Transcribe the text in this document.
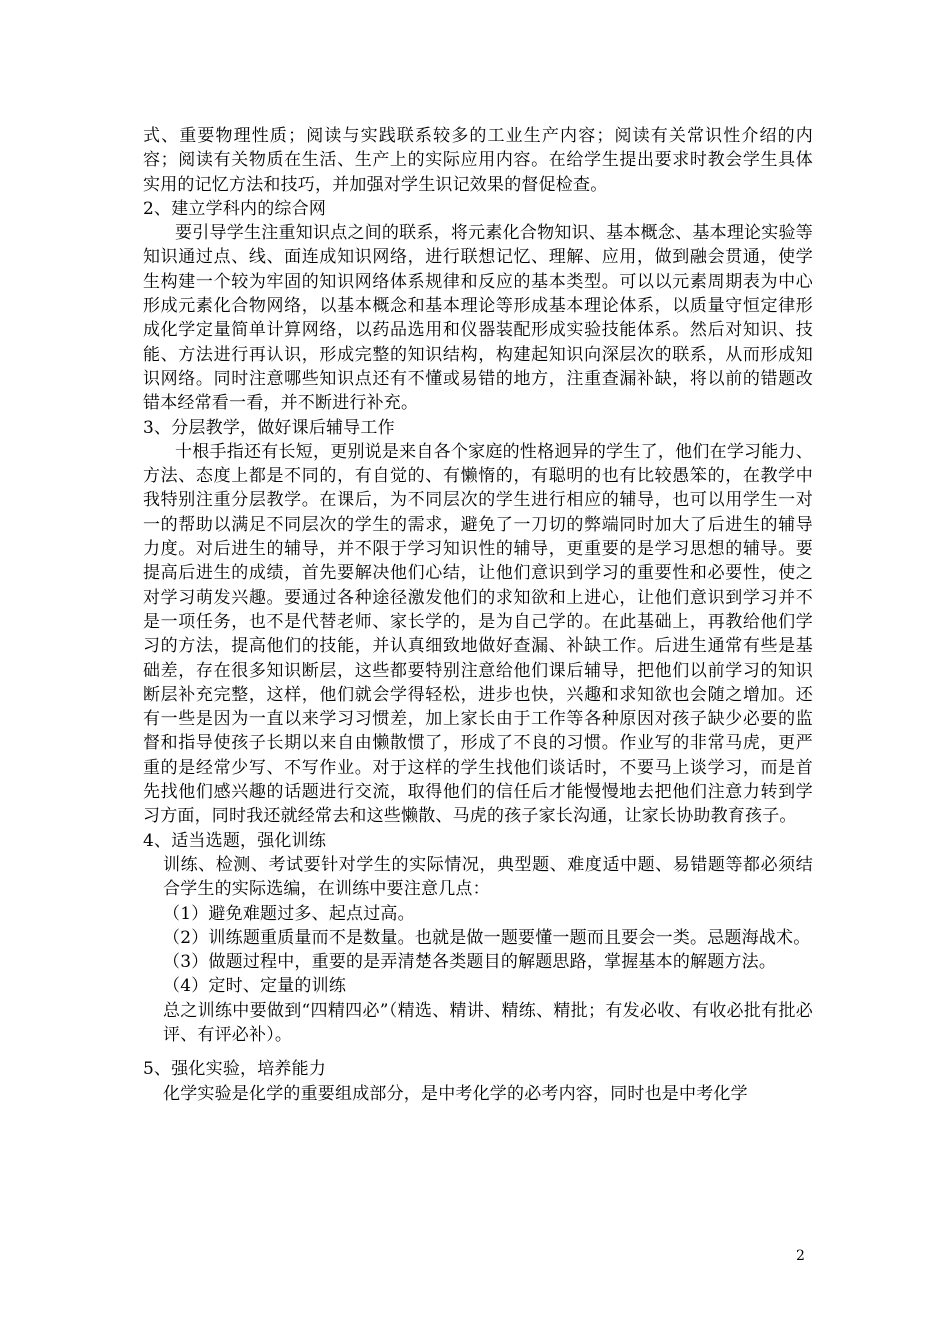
式、重要物理性质；阅读与实践联系较多的工业生产内容；阅读有关常识性介绍的内容；阅读有关物质在生活、生产上的实际应用内容。在给学生提出要求时教会学生具体实用的记忆方法和技巧，并加强对学生识记效果的督促检查。

2、建立学科内的综合网

要引导学生注重知识点之间的联系，将元素化合物知识、基本概念、基本理论实验等知识通过点、线、面连成知识网络，进行联想记忆、理解、应用，做到融会贯通，使学生构建一个较为牢固的知识网络体系规律和反应的基本类型。可以以元素周期表为中心形成元素化合物网络，以基本概念和基本理论等形成基本理论体系，以质量守恒定律形成化学定量简单计算网络，以药品选用和仪器装配形成实验技能体系。然后对知识、技能、方法进行再认识，形成完整的知识结构，构建起知识向深层次的联系，从而形成知识网络。同时注意哪些知识点还有不懂或易错的地方，注重查漏补缺，将以前的错题改错本经常看一看，并不断进行补充。

3、分层教学，做好课后辅导工作

十根手指还有长短，更别说是来自各个家庭的性格迥异的学生了，他们在学习能力、方法、态度上都是不同的，有自觉的、有懒惰的，有聪明的也有比较愚笨的，在教学中我特别注重分层教学。在课后，为不同层次的学生进行相应的辅导，也可以用学生一对一的帮助以满足不同层次的学生的需求，避免了一刀切的弊端同时加大了后进生的辅导力度。对后进生的辅导，并不限于学习知识性的辅导，更重要的是学习思想的辅导。要提高后进生的成绩，首先要解决他们心结，让他们意识到学习的重要性和必要性，使之对学习萌发兴趣。要通过各种途径激发他们的求知欲和上进心，让他们意识到学习并不是一项任务，也不是代替老师、家长学的，是为自己学的。在此基础上，再教给他们学习的方法，提高他们的技能，并认真细致地做好查漏、补缺工作。后进生通常有些是基础差，存在很多知识断层，这些都要特别注意给他们课后辅导，把他们以前学习的知识断层补充完整，这样，他们就会学得轻松，进步也快，兴趣和求知欲也会随之增加。还有一些是因为一直以来学习习惯差，加上家长由于工作等各种原因对孩子缺少必要的监督和指导使孩子长期以来自由懒散惯了，形成了不良的习惯。作业写的非常马虎，更严重的是经常少写、不写作业。对于这样的学生找他们谈话时，不要马上谈学习，而是首先找他们感兴趣的话题进行交流，取得他们的信任后才能慢慢地去把他们注意力转到学习方面，同时我还就经常去和这些懒散、马虎的孩子家长沟通，让家长协助教育孩子。

4、适当选题，强化训练

训练、检测、考试要针对学生的实际情况，典型题、难度适中题、易错题等都必须结合学生的实际选编，在训练中要注意几点：

（1）避免难题过多、起点过高。

（2）训练题重质量而不是数量。也就是做一题要懂一题而且要会一类。忌题海战术。

（3）做题过程中，重要的是弄清楚各类题目的解题思路，掌握基本的解题方法。

（4）定时、定量的训练

总之训练中要做到“四精四必”（精选、精讲、精练、精批；有发必收、有收必批有批必评、有评必补）。

5、强化实验，培养能力

化学实验是化学的重要组成部分，是中考化学的必考内容，同时也是中考化学

2
